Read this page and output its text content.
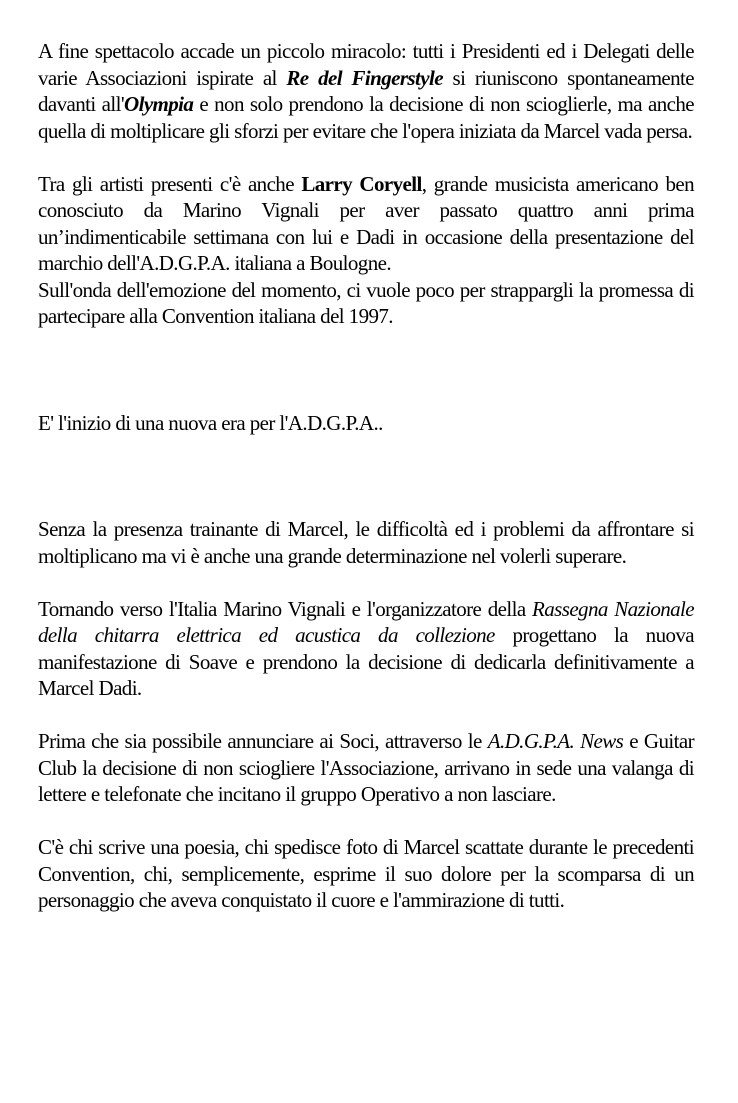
A fine spettacolo accade un piccolo miracolo: tutti i Presidenti ed i Delegati delle varie Associazioni ispirate al Re del Fingerstyle si riuniscono spontaneamente davanti all'Olympia e non solo prendono la decisione di non scioglierle, ma anche quella di moltiplicare gli sforzi per evitare che l'opera iniziata da Marcel vada persa.

Tra gli artisti presenti c'è anche Larry Coryell, grande musicista americano ben conosciuto da Marino Vignali per aver passato quattro anni prima un’indimenticabile settimana con lui e Dadi in occasione della presentazione del marchio dell'A.D.G.P.A. italiana a Boulogne.

Sull'onda dell'emozione del momento, ci vuole poco per strappargli la promessa di partecipare alla Convention italiana del 1997.

E' l'inizio di una nuova era per l'A.D.G.P.A..

Senza la presenza trainante di Marcel, le difficoltà ed i problemi da affrontare si moltiplicano ma vi è anche una grande determinazione nel volerli superare.

Tornando verso l'Italia Marino Vignali e l'organizzatore della Rassegna Nazionale della chitarra elettrica ed acustica da collezione progettano la nuova manifestazione di Soave e prendono la decisione di dedicarla definitivamente a Marcel Dadi.

Prima che sia possibile annunciare ai Soci, attraverso le A.D.G.P.A. News e Guitar Club la decisione di non sciogliere l'Associazione, arrivano in sede una valanga di lettere e telefonate che incitano il gruppo Operativo a non lasciare.

C'è chi scrive una poesia, chi spedisce foto di Marcel scattate durante le precedenti Convention, chi, semplicemente, esprime il suo dolore per la scomparsa di un personaggio che aveva conquistato il cuore e l'ammirazione di tutti.
